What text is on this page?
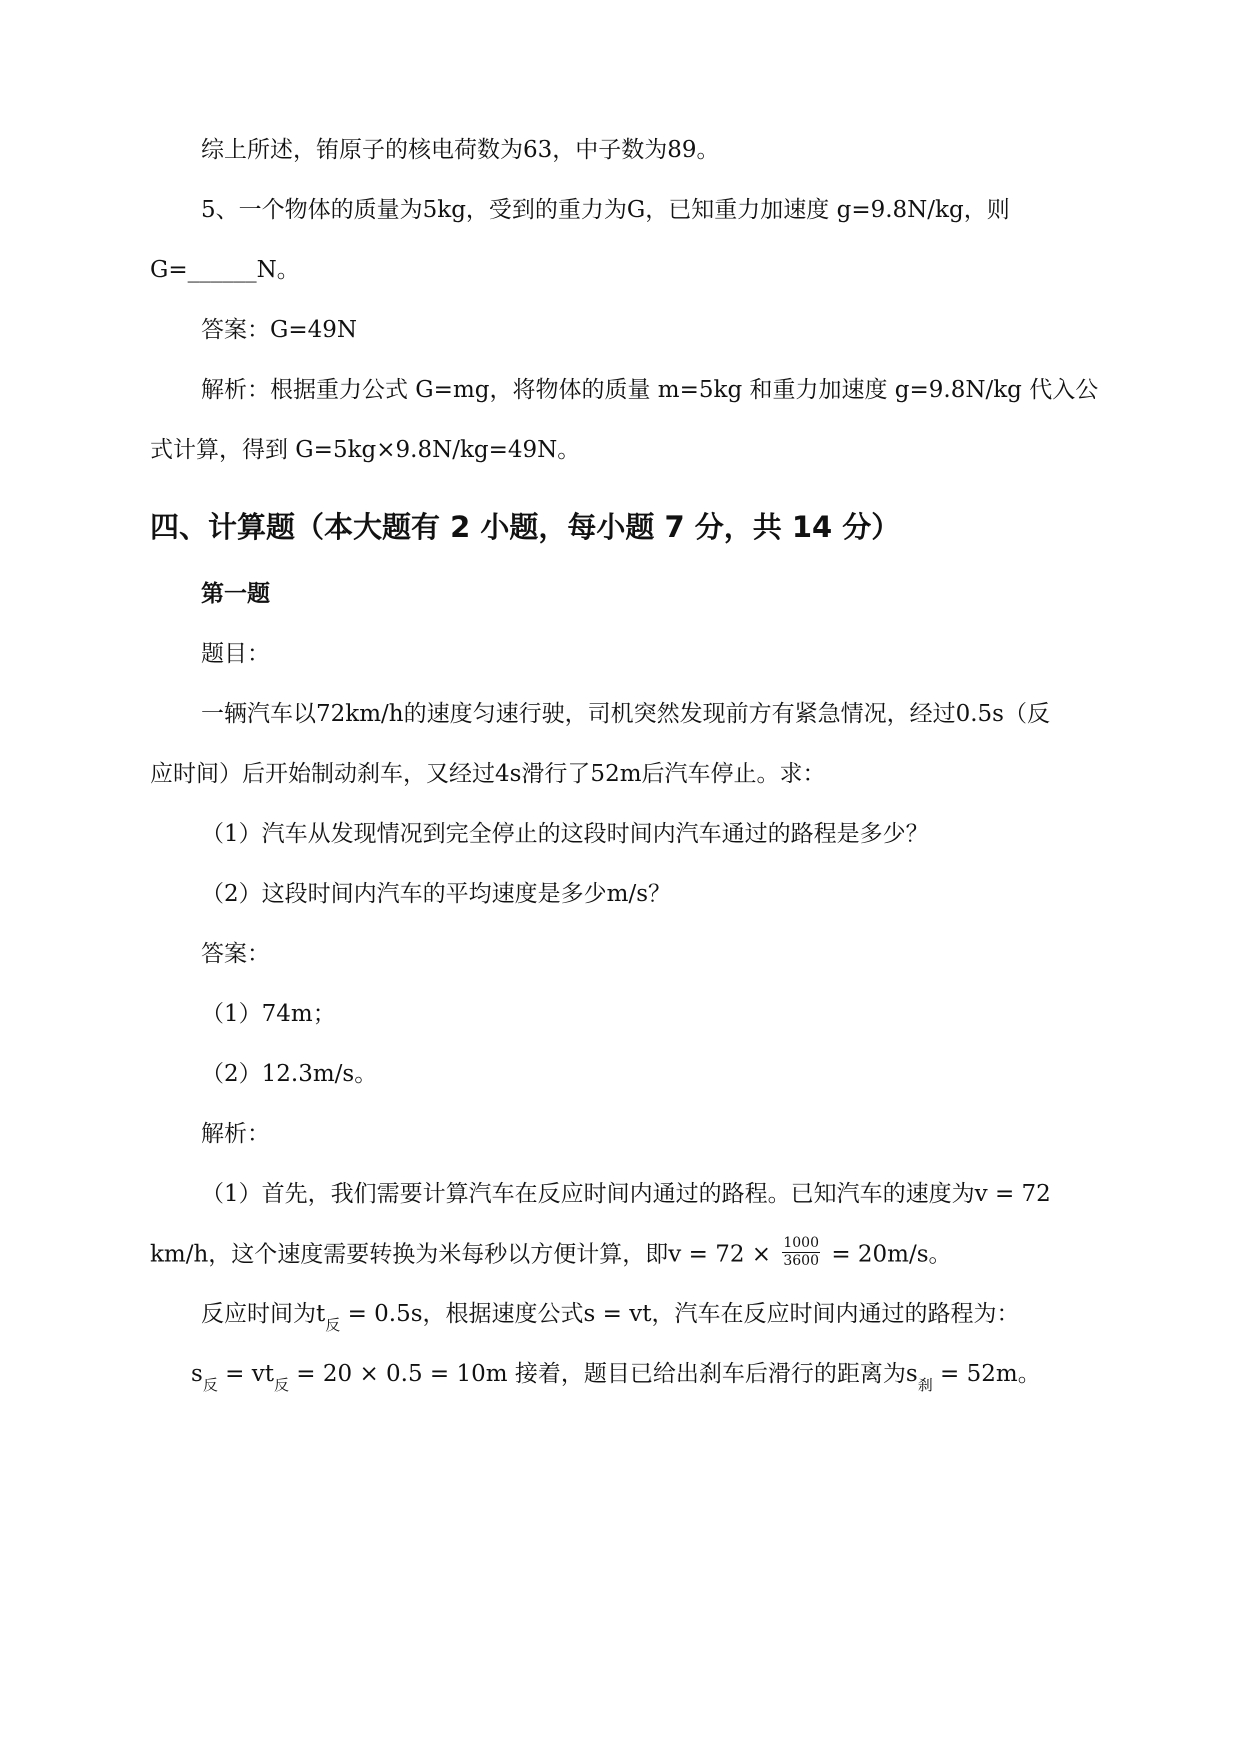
综上所述，铕原子的核电荷数为63，中子数为89。
5、一个物体的质量为5kg，受到的重力为G，已知重力加速度 g=9.8N/kg，则
G=______N。
答案：G=49N
解析：根据重力公式 G=mg，将物体的质量 m=5kg 和重力加速度 g=9.8N/kg 代入公
式计算，得到 G=5kg×9.8N/kg=49N。
四、计算题（本大题有 2 小题，每小题 7 分，共 14 分）
第一题
题目：
一辆汽车以72km/h的速度匀速行驶，司机突然发现前方有紧急情况，经过0.5s（反
应时间）后开始制动刹车，又经过4s滑行了52m后汽车停止。求：
（1）汽车从发现情况到完全停止的这段时间内汽车通过的路程是多少？
（2）这段时间内汽车的平均速度是多少m/s？
答案：
（1）74m；
（2）12.3m/s。
解析：
（1）首先，我们需要计算汽车在反应时间内通过的路程。已知汽车的速度为v = 72
km/h，这个速度需要转换为米每秒以方便计算，即$v = 72 \times \frac{1000}{3600} = 20m/s$。
反应时间为$t_反 = 0.5s$，根据速度公式s = vt，汽车在反应时间内通过的路程为：
$s_反 = vt_反 = 20 \times 0.5 = 10m$ 接着，题目已给出刹车后滑行的距离为$s_刹 = 52m$。
